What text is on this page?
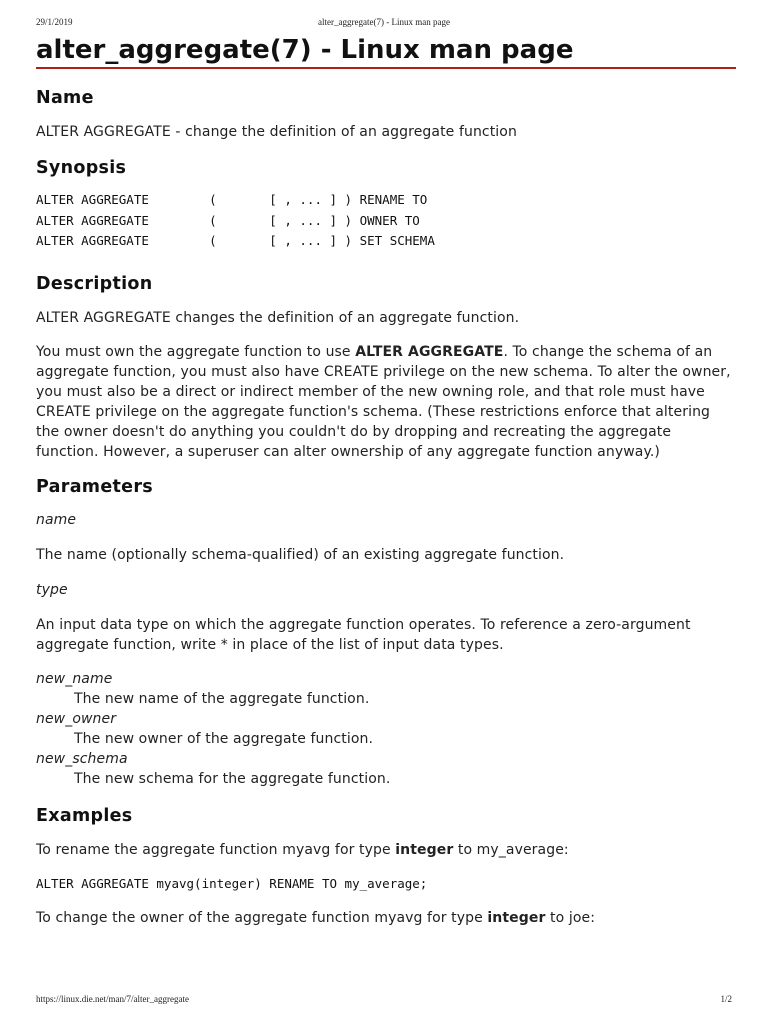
29/1/2019	alter_aggregate(7) - Linux man page
alter_aggregate(7) - Linux man page
Name

ALTER AGGREGATE - change the definition of an aggregate function

Synopsis
ALTER AGGREGATE        (       [ , ... ] ) RENAME TO
ALTER AGGREGATE        (       [ , ... ] ) OWNER TO
ALTER AGGREGATE        (       [ , ... ] ) SET SCHEMA
Description

ALTER AGGREGATE changes the definition of an aggregate function.

You must own the aggregate function to use ALTER AGGREGATE. To change the schema of an aggregate function, you must also have CREATE privilege on the new schema. To alter the owner, you must also be a direct or indirect member of the new owning role, and that role must have CREATE privilege on the aggregate function's schema. (These restrictions enforce that altering the owner doesn't do anything you couldn't do by dropping and recreating the aggregate function. However, a superuser can alter ownership of any aggregate function anyway.)

Parameters

name

The name (optionally schema-qualified) of an existing aggregate function.

type

An input data type on which the aggregate function operates. To reference a zero-argument aggregate function, write * in place of the list of input data types.

new_name

The new name of the aggregate function.

new_owner

The new owner of the aggregate function.

new_schema

The new schema for the aggregate function.

Examples

To rename the aggregate function myavg for type integer to my_average:

ALTER AGGREGATE myavg(integer) RENAME TO my_average;

To change the owner of the aggregate function myavg for type integer to joe:

https://linux.die.net/man/7/alter_aggregate	1/2
